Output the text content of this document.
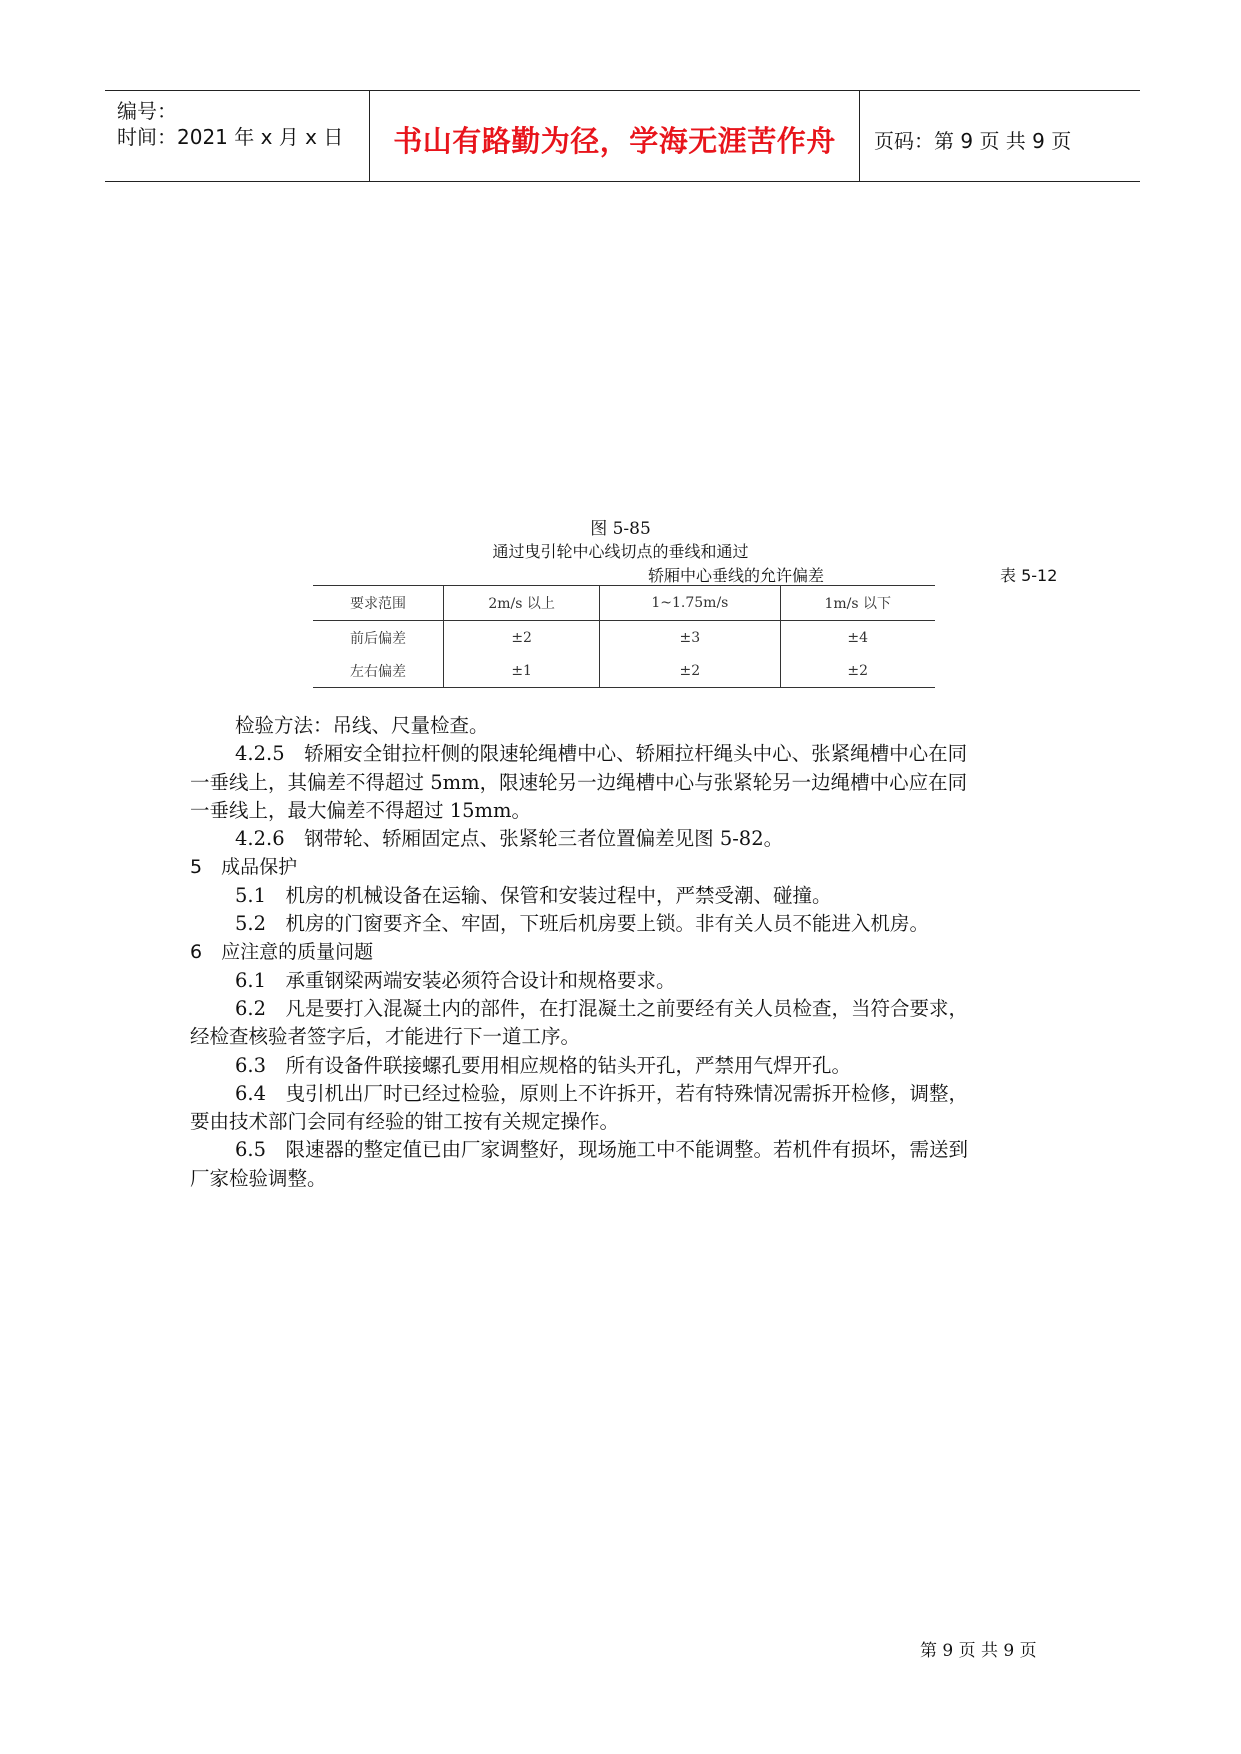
编号：
时间：2021 年 x 月 x 日	书山有路勤为径，学海无涯苦作舟	页码：第 9 页 共 9 页
图 5-85
通过曳引轮中心线切点的垂线和通过
轿厢中心垂线的允许偏差	表 5-12
要求范围	2m/s 以上	1~1.75m/s	1m/s 以下
前后偏差	±2	±3	±4
左右偏差	±1	±2	±2

检验方法：吊线、尺量检查。

4.2.5　轿厢安全钳拉杆侧的限速轮绳槽中心、轿厢拉杆绳头中心、张紧绳槽中心在同

一垂线上，其偏差不得超过 5mm，限速轮另一边绳槽中心与张紧轮另一边绳槽中心应在同

一垂线上，最大偏差不得超过 15mm。

4.2.6　钢带轮、轿厢固定点、张紧轮三者位置偏差见图 5-82。

5　成品保护

5.1　机房的机械设备在运输、保管和安装过程中，严禁受潮、碰撞。

5.2　机房的门窗要齐全、牢固，下班后机房要上锁。非有关人员不能进入机房。

6　应注意的质量问题

6.1　承重钢梁两端安装必须符合设计和规格要求。

6.2　凡是要打入混凝土内的部件，在打混凝土之前要经有关人员检查，当符合要求，

经检查核验者签字后，才能进行下一道工序。

6.3　所有设备件联接螺孔要用相应规格的钻头开孔，严禁用气焊开孔。

6.4　曳引机出厂时已经过检验，原则上不许拆开，若有特殊情况需拆开检修，调整，

要由技术部门会同有经验的钳工按有关规定操作。

6.5　限速器的整定值已由厂家调整好，现场施工中不能调整。若机件有损坏，需送到

厂家检验调整。

第 9 页 共 9 页
